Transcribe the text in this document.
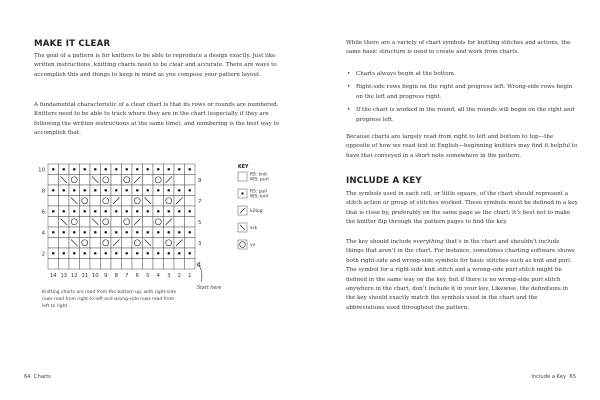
MAKE IT CLEAR

The goal of a pattern is for knitters to be able to reproduce a design exactly. Just like written instructions, knitting charts need to be clear and accurate. There are ways to accomplish this and things to keep in mind as you compose your pattern layout.

A fundamental characteristic of a clear chart is that its rows or rounds are numbered. Knitters need to be able to track where they are in the chart (especially if they are following the written instructions at the same time), and numbering is the best way to accomplish that.

10
8
6
4
2
9
7
5
3
1
14 13 12 11 10 9 8 7 6 5 4 3 2 1
Start here
KEY
RS: knit
WS: purl
RS: purl
WS: knit
k2tog
ssk
yo
Knitting charts are read from the bottom up, with right-side rows read from right to left and wrong-side rows read from left to right.
64 Charts

While there are a variety of chart symbols for knitting stitches and actions, the same basic structure is used to create and work from charts.

• Charts always begin at the bottom.
• Right-side rows begin on the right and progress left. Wrong-side rows begin on the left and progress right.
• If the chart is worked in the round, all the rounds will begin on the right and progress left.

Because charts are largely read from right to left and bottom to top—the opposite of how we read text in English—beginning knitters may find it helpful to have that conveyed in a short note somewhere in the pattern.

INCLUDE A KEY

The symbols used in each cell, or little square, of the chart should represent a stitch action or group of stitches worked. These symbols must be defined in a key that is close by, preferably on the same page as the chart; it’s best not to make the knitter flip through the pattern pages to find the key.

The key should include everything that’s in the chart and shouldn’t include things that aren’t in the chart. For instance, sometimes charting software shows both right-side and wrong-side symbols for basic stitches such as knit and purl. The symbol for a right-side knit stitch and a wrong-side purl stitch might be defined in the same way on the key, but if there is no wrong-side purl stitch anywhere in the chart, don’t include it in your key. Likewise, the definitions in the key should exactly match the symbols used in the chart and the abbreviations used throughout the pattern.

Include a Key 65
